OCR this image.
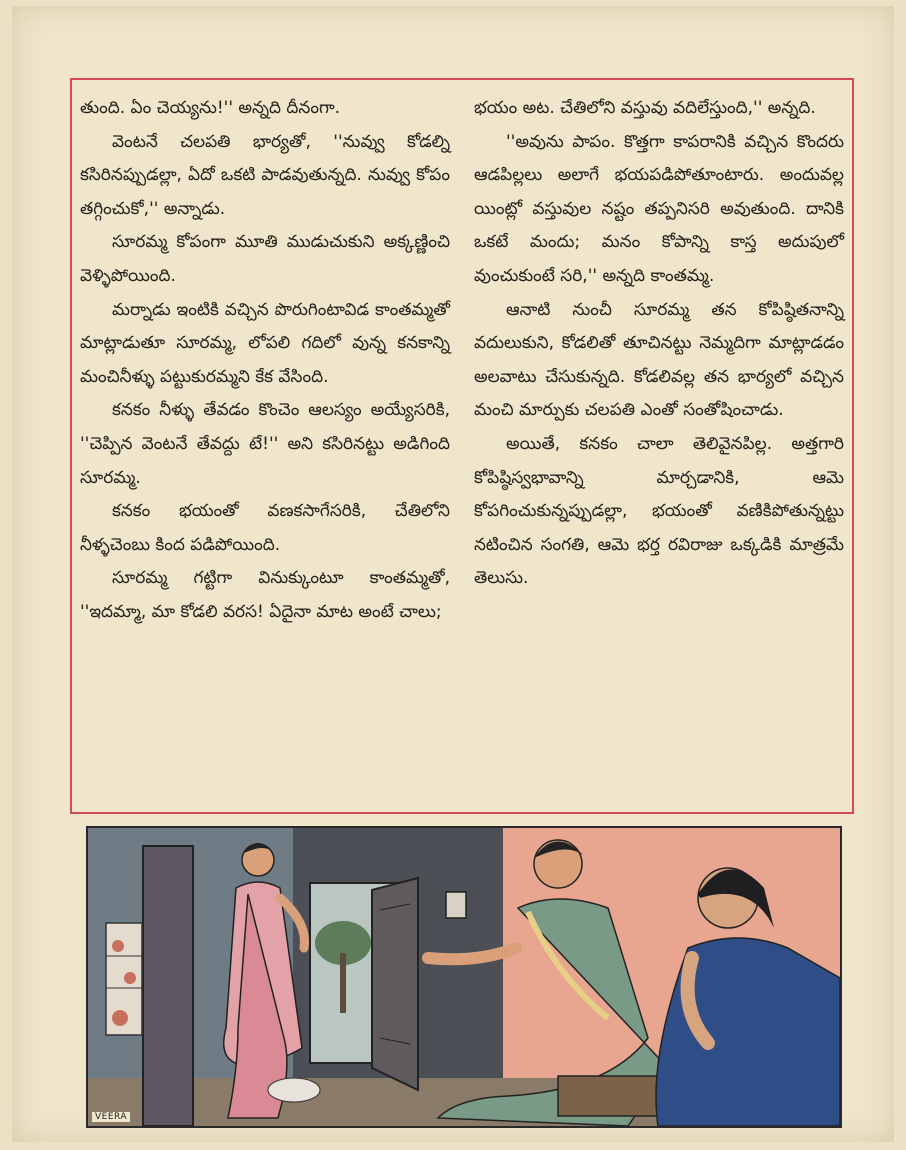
తుంది. ఏం చెయ్యను!'' అన్నది దీనంగా.

వెంటనే చలపతి భార్యతో, ''నువ్వు కోడల్ని కసిరినప్పుడల్లా, ఏదో ఒకటి పాడవుతున్నది. నువ్వు కోపం తగ్గించుకో,'' అన్నాడు.

సూరమ్మ కోపంగా మూతి ముడుచుకుని అక్కణ్ణించి వెళ్ళిపోయింది.

మర్నాడు ఇంటికి వచ్చిన పొరుగింటావిడ కాంతమ్మతో మాట్లాడుతూ సూరమ్మ, లోపలి గదిలో వున్న కనకాన్ని మంచినీళ్ళు పట్టుకురమ్మని కేక వేసింది.

కనకం నీళ్ళు తేవడం కొంచెం ఆలస్యం అయ్యేసరికి, ''చెప్పిన వెంటనే తేవద్దు టే!'' అని కసిరినట్టు అడిగింది సూరమ్మ.

కనకం భయంతో వణకసాగేసరికి, చేతిలోని నీళ్ళచెంబు కింద పడిపోయింది.

సూరమ్మ గట్టిగా వినుక్కుంటూ కాంతమ్మతో, ''ఇదమ్మా, మా కోడలి వరస! ఏదైనా మాట అంటే చాలు;

భయం అట. చేతిలోని వస్తువు వదిలేస్తుంది,'' అన్నది.

''అవును పాపం. కొత్తగా కాపరానికి వచ్చిన కొందరు ఆడపిల్లలు అలాగే భయపడిపోతూంటారు. అందువల్ల యింట్లో వస్తువుల నష్టం తప్పనిసరి అవుతుంది. దానికి ఒకటే మందు; మనం కోపాన్ని కాస్త అదుపులో వుంచుకుంటే సరి,'' అన్నది కాంతమ్మ.

ఆనాటి నుంచీ సూరమ్మ తన కోపిష్ఠితనాన్ని వదులుకుని, కోడలితో తూచినట్టు నెమ్మదిగా మాట్లాడడం అలవాటు చేసుకున్నది. కోడలివల్ల తన భార్యలో వచ్చిన మంచి మార్పుకు చలపతి ఎంతో సంతోషించాడు.

అయితే, కనకం చాలా తెలివైనపిల్ల. అత్తగారి కోపిష్ఠిస్వభావాన్ని మార్చడానికి, ఆమె కోపగించుకున్నప్పుడల్లా, భయంతో వణికిపోతున్నట్టు నటించిన సంగతి, ఆమె భర్త రవిరాజు ఒక్కడికి మాత్రమే తెలుసు.

VEERA
